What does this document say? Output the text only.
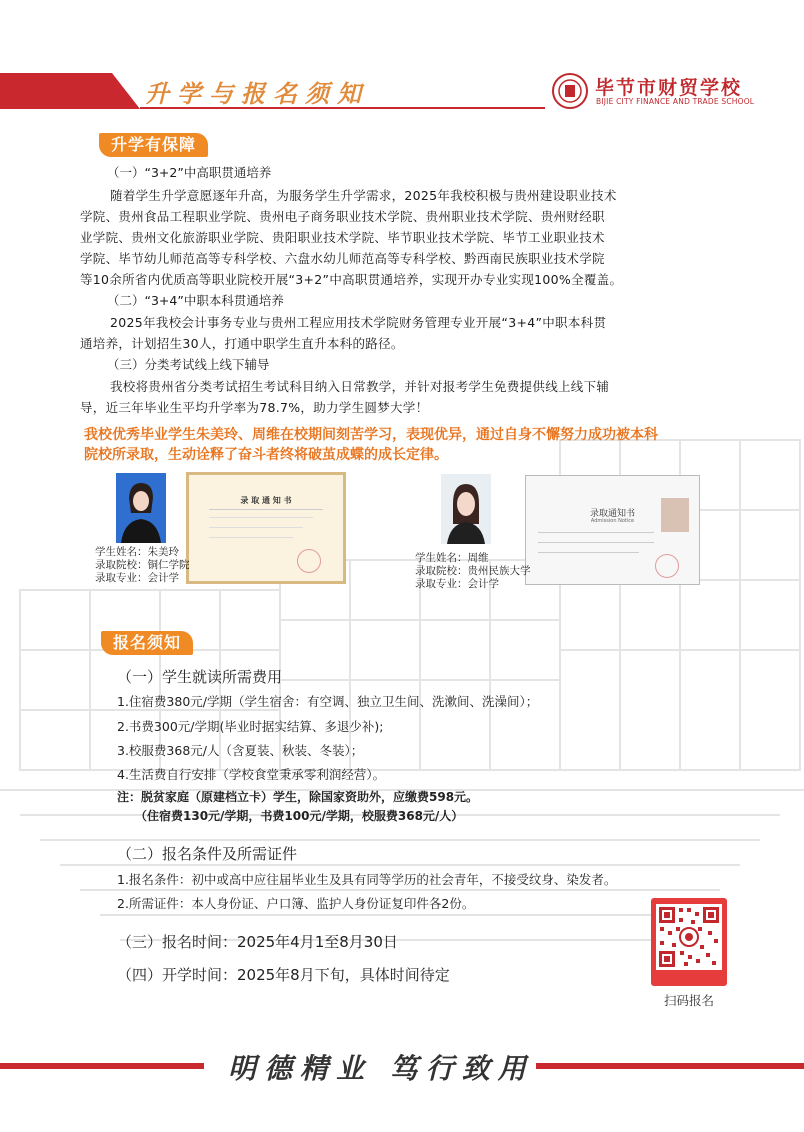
升学与报名须知	毕节市财贸学校
BIJIE CITY FINANCE AND TRADE SCHOOL
升学有保障
（一）“3+2”中高职贯通培养
随着学生升学意愿逐年升高，为服务学生升学需求，2025年我校积极与贵州建设职业技术
学院、贵州食品工程职业学院、贵州电子商务职业技术学院、贵州职业技术学院、贵州财经职
业学院、贵州文化旅游职业学院、贵阳职业技术学院、毕节职业技术学院、毕节工业职业技术
学院、毕节幼儿师范高等专科学校、六盘水幼儿师范高等专科学校、黔西南民族职业技术学院
等10余所省内优质高等职业院校开展“3+2”中高职贯通培养，实现开办专业实现100%全覆盖。
（二）“3+4”中职本科贯通培养
2025年我校会计事务专业与贵州工程应用技术学院财务管理专业开展“3+4”中职本科贯
通培养，计划招生30人，打通中职学生直升本科的路径。
（三）分类考试线上线下辅导
我校将贵州省分类考试招生考试科目纳入日常教学，并针对报考学生免费提供线上线下辅
导，近三年毕业生平均升学率为78.7%，助力学生圆梦大学！
我校优秀毕业学生朱美玲、周维在校期间刻苦学习，表现优异，通过自身不懈努力成功被本科
院校所录取，生动诠释了奋斗者终将破茧成蝶的成长定律。
录 取 通 知 书
学生姓名：朱美玲
录取院校：铜仁学院
录取专业：会计学
录取通知书
Admission Notice
学生姓名：周维
录取院校：贵州民族大学
录取专业：会计学
报名须知
（一）学生就读所需费用
1.住宿费380元/学期（学生宿舍：有空调、独立卫生间、洗漱间、洗澡间）；
2.书费300元/学期(毕业时据实结算、多退少补);
3.校服费368元/人（含夏装、秋装、冬装）；
4.生活费自行安排（学校食堂秉承零利润经营）。
注：脱贫家庭（原建档立卡）学生，除国家资助外，应缴费598元。
（住宿费130元/学期，书费100元/学期，校服费368元/人）
（二）报名条件及所需证件
1.报名条件：初中或高中应往届毕业生及具有同等学历的社会青年，不接受纹身、染发者。
2.所需证件：本人身份证、户口簿、监护人身份证复印件各2份。
（三）报名时间：2025年4月1至8月30日
（四）开学时间：2025年8月下旬，具体时间待定
扫码报名
明德精业 笃行致用
